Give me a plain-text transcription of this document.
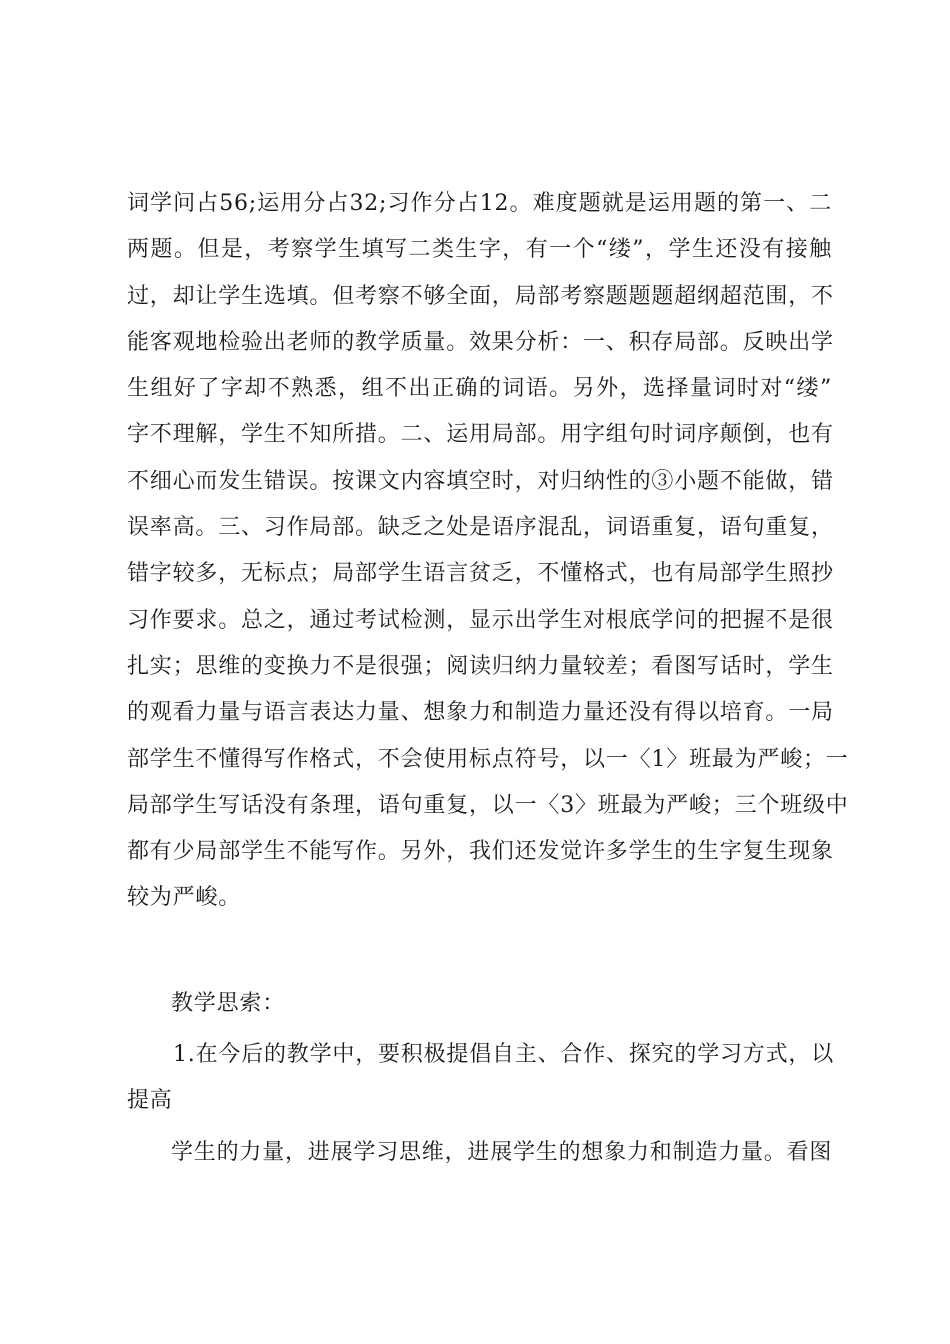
词学问占56;运用分占32;习作分占12。难度题就是运用题的第一、二
两题。但是，考察学生填写二类生字，有一个“缕”，学生还没有接触
过，却让学生选填。但考察不够全面，局部考察题题题超纲超范围，不
能客观地检验出老师的教学质量。效果分析：一、积存局部。反映出学
生组好了字却不熟悉，组不出正确的词语。另外，选择量词时对“缕”
字不理解，学生不知所措。二、运用局部。用字组句时词序颠倒，也有
不细心而发生错误。按课文内容填空时，对归纳性的③小题不能做，错
误率高。三、习作局部。缺乏之处是语序混乱，词语重复，语句重复，
错字较多，无标点；局部学生语言贫乏，不懂格式，也有局部学生照抄
习作要求。总之，通过考试检测，显示出学生对根底学问的把握不是很
扎实；思维的变换力不是很强；阅读归纳力量较差；看图写话时，学生
的观看力量与语言表达力量、想象力和制造力量还没有得以培育。一局
部学生不懂得写作格式，不会使用标点符号，以一〈1〉班最为严峻；一
局部学生写话没有条理，语句重复，以一〈3〉班最为严峻；三个班级中
都有少局部学生不能写作。另外，我们还发觉许多学生的生字复生现象
较为严峻。
教学思索：
1.在今后的教学中，要积极提倡自主、合作、探究的学习方式，以
提高
学生的力量，进展学习思维，进展学生的想象力和制造力量。看图
